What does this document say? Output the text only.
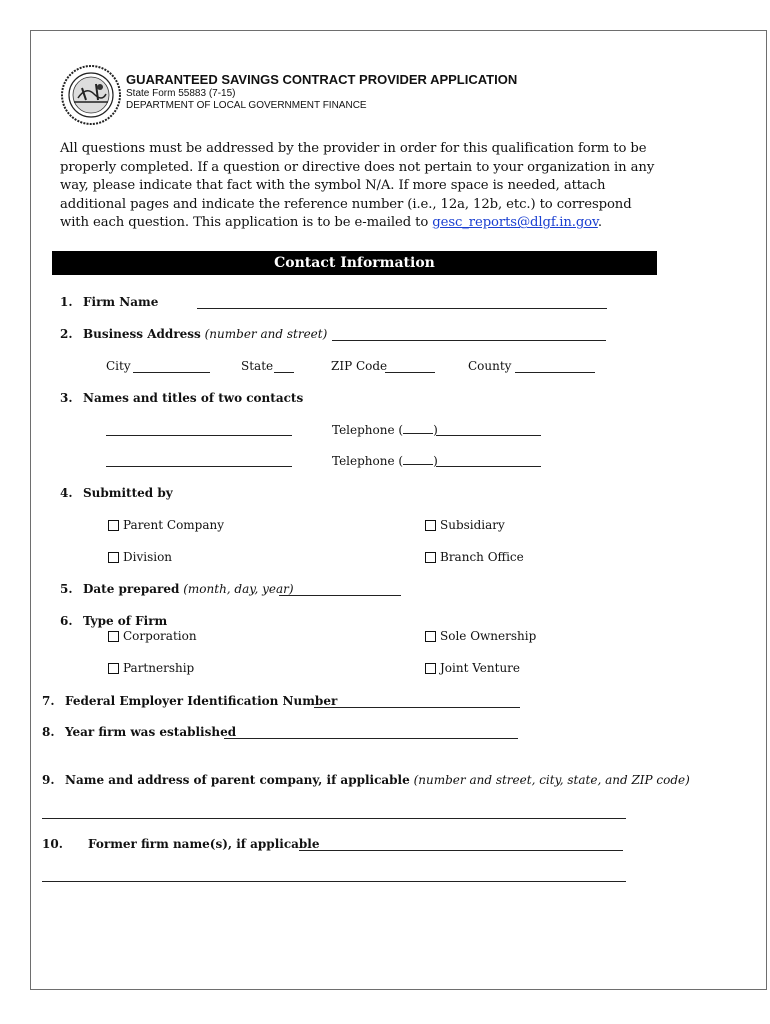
GUARANTEED SAVINGS CONTRACT PROVIDER APPLICATION
State Form 55883 (7-15)
DEPARTMENT OF LOCAL GOVERNMENT FINANCE
All questions must be addressed by the provider in order for this qualification form to be properly completed. If a question or directive does not pertain to your organization in any way, please indicate that fact with the symbol N/A. If more space is needed, attach additional pages and indicate the reference number (i.e., 12a, 12b, etc.) to correspond with each question. This application is to be e-mailed to gesc_reports@dlgf.in.gov.
Contact Information
1. Firm Name
2. Business Address (number and street)
City	State	ZIP Code	County
3. Names and titles of two contacts
Telephone (	)
Telephone (	)
4. Submitted by
Parent Company	Subsidiary
Division	Branch Office
5. Date prepared (month, day, year)
6. Type of Firm
Corporation	Sole Ownership
Partnership	Joint Venture
7. Federal Employer Identification Number
8. Year firm was established
9. Name and address of parent company, if applicable (number and street, city, state, and ZIP code)
10. Former firm name(s), if applicable
